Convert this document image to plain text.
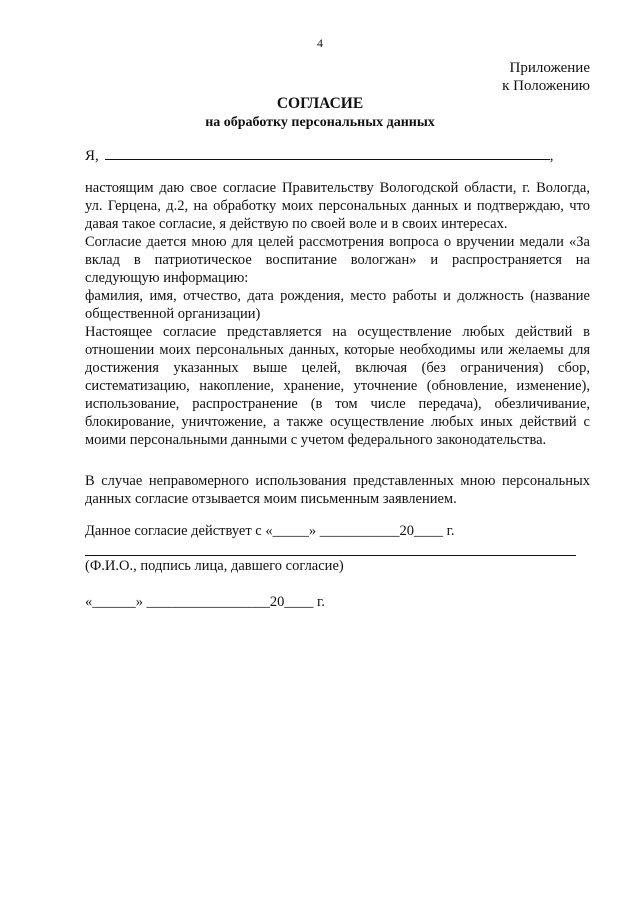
4
Приложение
к Положению
СОГЛАСИЕ
на обработку персональных данных
Я,	,

настоящим даю свое согласие Правительству Вологодской области, г. Вологда, ул. Герцена, д.2, на обработку моих персональных данных и подтверждаю, что давая такое согласие, я действую по своей воле и в своих интересах.

Согласие дается мною для целей рассмотрения вопроса о вручении медали «За вклад в патриотическое воспитание вологжан» и распространяется на следующую информацию:

фамилия, имя, отчество, дата рождения, место работы и должность (название общественной организации)

Настоящее согласие представляется на осуществление любых действий в отношении моих персональных данных, которые необходимы или желаемы для достижения указанных выше целей, включая (без ограничения) сбор, систематизацию, накопление, хранение, уточнение (обновление, изменение), использование, распространение (в том числе передача), обезличивание, блокирование, уничтожение, а также осуществление любых иных действий с моими персональными данными с учетом федерального законодательства.

В случае неправомерного использования представленных мною персональных данных согласие отзывается моим письменным заявлением.

Данное согласие действует с «_____» ___________20____ г.
(Ф.И.О., подпись лица, давшего согласие)
«______» _________________20____ г.
